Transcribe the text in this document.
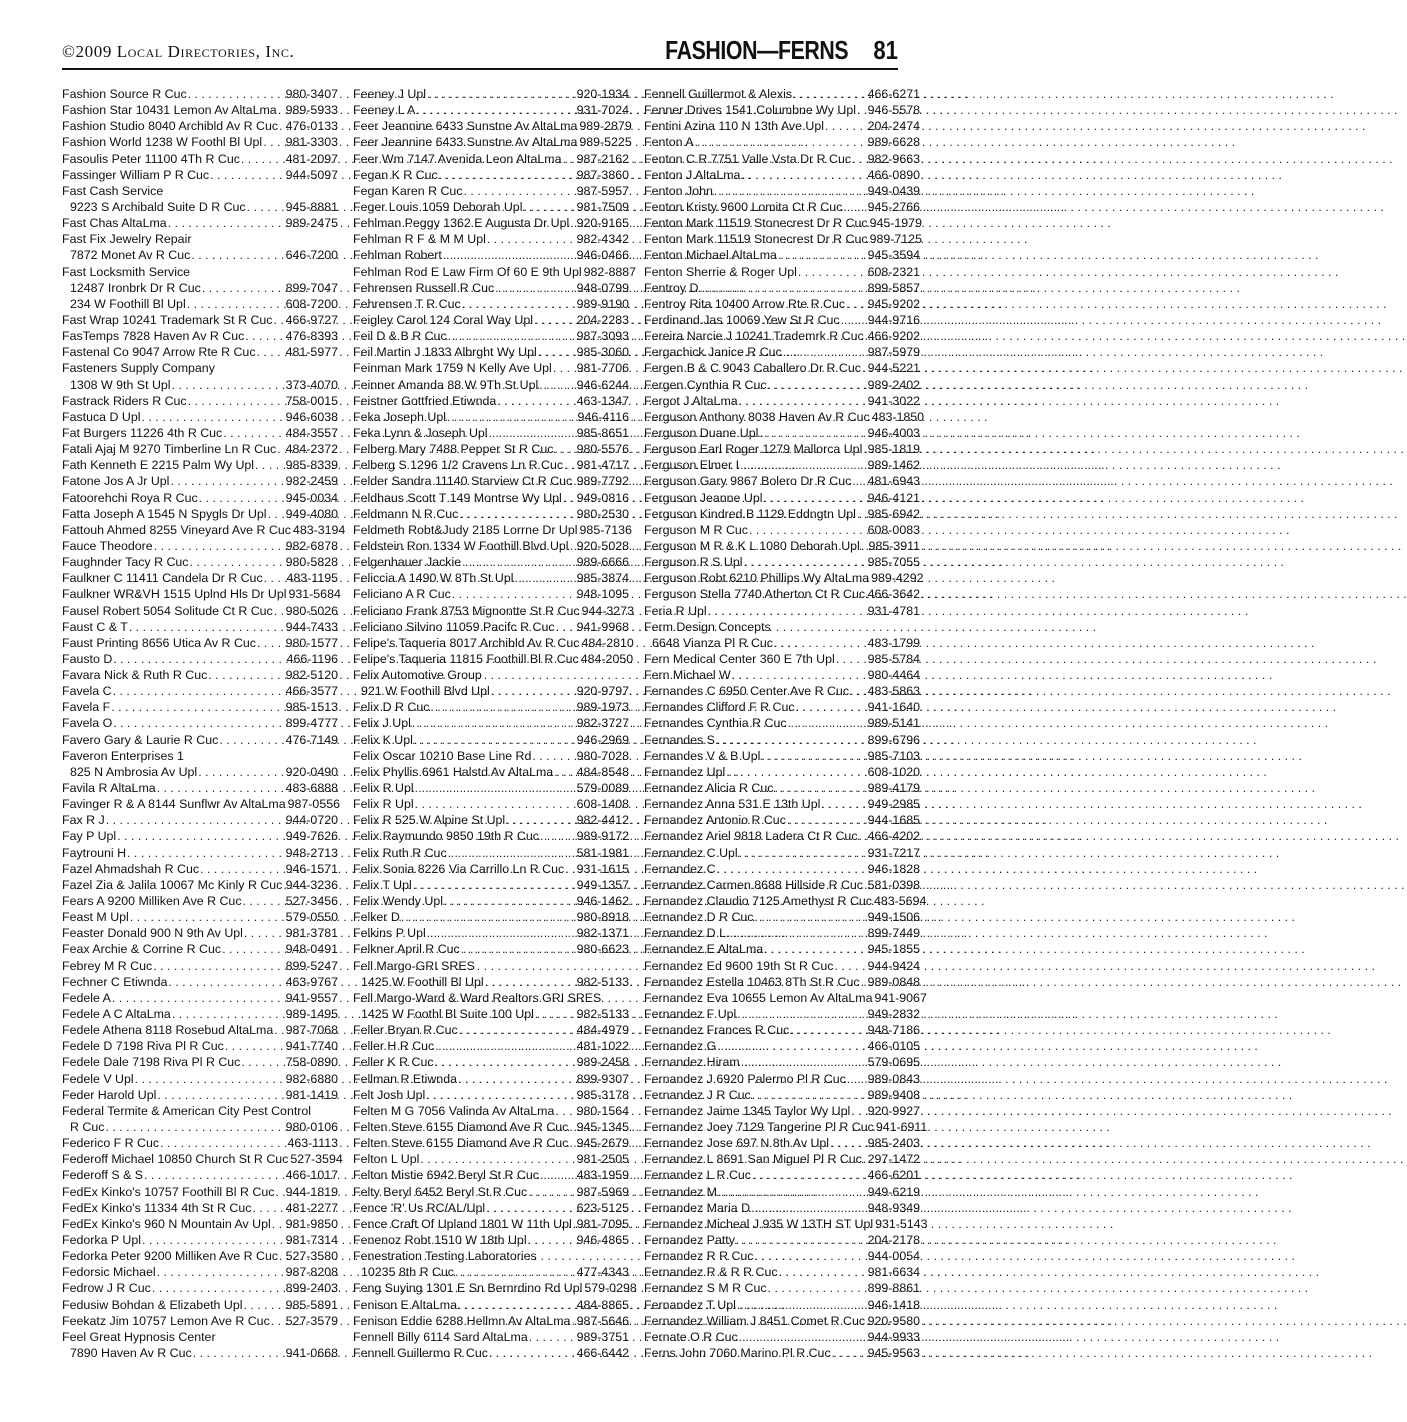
©2009 Local Directories, Inc.	FASHION—FERNS 81
Fashion Source R Cuc . . .	980-3407
Fashion Star 10431 Lemon Av AltaLma . . . 989-5933
Fashion Studio 8040 Archibld Av R Cuc . . . 476-0133
Fashion World 1238 W Foothl Bl Upl . . . 981-3303
Fasoulis Peter 11100 4Th R Cuc . . .	481-2097
Fassinger William P R Cuc . . .	944-5097
Fast Cash Service
9223 S Archibald Suite D R Cuc . . .	945-8881
Fast Chas AltaLma . . .	989-2475
Fast Fix Jewelry Repair
7872 Monet Av R Cuc . . .	646-7200
Fast Locksmith Service
12487 Ironbrk Dr R Cuc . . .	899-7047
234 W Foothill Bl Upl . . .	608-7200
Fast Wrap 10241 Trademark St R Cuc . . . 466-9727
FasTemps 7828 Haven Av R Cuc . . .	476-8393
Fastenal Co 9047 Arrow Rte R Cuc . . . 481-5977
Fasteners Supply Company
1308 W 9th St Upl . . .	373-4070
Fastrack Riders R Cuc . . .	758-0015
Fastuca D Upl . . .	946-6038
Fat Burgers 11226 4th R Cuc . . .	484-3557
Fatali Ajaj M 9270 Timberline Ln R Cuc . . . 484-2372
Fath Kenneth E 2215 Palm Wy Upl . . .	985-8339
Fatone Jos A Jr Upl . . .	982-2459
Fatoorehchi Roya R Cuc . . .	945-0034
Fatta Joseph A 1545 N Spygls Dr Upl . . . 949-4080
Fattouh Ahmed 8255 Vineyard Ave R Cuc . . . 483-3194
Fauce Theodore . . .	982-6878
Faughnder Tacy R Cuc . . .	980-5828
Faulkner C 11411 Candela Dr R Cuc . . . 483-1195
Faulkner WR&VH 1515 Uplnd Hls Dr Upl . . . 931-5684
Fausel Robert 5054 Solitude Ct R Cuc . . . 980-5026
Faust C & T . . .	944-7433
Faust Printing 8656 Utica Av R Cuc . . . 980-1577
Fausto D . . .	466-1196
Favara Nick & Ruth R Cuc . . .	982-5120
Favela C . . .	466-3577
Favela F . . .	985-1513
Favela O . . .	899-4777
Favero Gary & Laurie R Cuc . . .	476-7149
Faveron Enterprises 1
825 N Ambrosia Av Upl . . .	920-0490
Favila R AltaLma . . .	483-6888
Favinger R & A 8144 Sunflwr Av AltaLma . . . 987-0556
Fax R J . . .	944-0720
Fay P Upl . . .	949-7626
Faytrouni H . . .	948-2713
Fazel Ahmadshah R Cuc . . .	946-1571
Fazel Zia & Jalila 10067 Mc Kinly R Cuc . . . 944-3236
Fears A 9200 Milliken Ave R Cuc . . .	527-3456
Feast M Upl . . .	579-0550
Feaster Donald 900 N 9th Av Upl . . .	981-3781
Feax Archie & Corrine R Cuc . . .	948-0491
Febrey M R Cuc . . .	899-5247
Fechner C Etiwnda . . .	463-9767
Fedele A . . .	941-9557
Fedele A C AltaLma . . .	989-1495
Fedele Athena 8118 Rosebud AltaLma . . . 987-7068
Fedele D 7198 Riva Pl R Cuc . . .	941-7740
Fedele Dale 7198 Riva Pl R Cuc . . .	758-0890
Fedele V Upl . . .	982-6880
Feder Harold Upl . . .	981-1419
Federal Termite & American City Pest Control
R Cuc . . .	980-0106
Federico F R Cuc . . .	463-1113
Federoff Michael 10850 Church St R Cuc . . . 527-3594
Federoff S & S . . .	466-1017
FedEx Kinko's 10757 Foothill Bl R Cuc . . . 944-1819
FedEx Kinko's 11334 4th St R Cuc . . .	481-2277
FedEx Kinko's 960 N Mountain Av Upl . . . 981-9850
Fedorka P Upl . . .	981-7314
Fedorka Peter 9200 Milliken Ave R Cuc . . . 527-3580
Fedorsic Michael . . .	987-8208
Fedrow J R Cuc . . .	899-2403
Fedusiw Bohdan & Elizabeth Upl . . .	985-5891
Feekatz Jim 10757 Lemon Ave R Cuc . . . 527-3579
Feel Great Hypnosis Center
7890 Haven Av R Cuc . . .	941-0668
Feeney J Upl . . .	920-1934
Feeney L A . . .	931-7024
Feer Jeannine 6433 Sunstne Av AltaLma . . . 989-2879
Feer Jeannine 6433 Sunstne Av AltaLma . . . 989-5225
Feer Wm 7147 Avenida Leon AltaLma . . . 987-2162
Fegan K R Cuc . . .	987-3860
Fegan Karen R Cuc . . .	987-5957
Feger Louis 1059 Deborah Upl . . .	981-7509
Fehlman Peggy 1362 E Augusta Dr Upl . . . 920-9165
Fehlman R F & M M Upl . . .	982-4342
Fehlman Robert . . .	946-0466
Fehlman Rod E Law Firm Of 60 E 9th Upl . . . 982-8887
Fehrensen Russell R Cuc . . .	948-0799
Fehrensen T R Cuc . . .	989-9190
Feigley Carol 124 Coral Way Upl . . .	204-2283
Feil D & B R Cuc . . .	987-3093
Feil Martin J 1833 Albrght Wy Upl . . .	985-3060
Feinman Mark 1759 N Kelly Ave Upl . . . 981-7706
Feinner Amanda 88 W 9Th St Upl . . .	946-6244
Feistner Gottfried Etiwnda . . .	463-1347
Feka Joseph Upl . . .	946-4116
Feka Lynn & Joseph Upl . . .	985-8651
Felberg Mary 7488 Pepper St R Cuc . . . 980-5576
Felberg S 1296 1/2 Cravens Ln R Cuc . . . 981-4717
Felder Sandra 11140 Starview Ct R Cuc . . . 989-7792
Feldhaus Scott T 149 Montrse Wy Upl . . . 949-0816
Feldmann N R Cuc . . .	980-2530
Feldmeth Robt&Judy 2185 Lorrne Dr Upl . . . 985-7136
Feldstein Ron 1334 W Foothill Blvd Upl . . . 920-5028
Felgenhauer Jackie . . .	989-6666
Feliccia A 1490 W 8Th St Upl . . .	985-3874
Feliciano A R Cuc . . .	948-1095
Feliciano Frank 8753 Mignontte St R Cuc . . . 944-3273
Feliciano Silvino 11059 Pacifc R Cuc . . . 941-9968
Felipe's Taqueria 8017 Archibld Av R Cuc . . . 484-2810
Felipe's Taqueria 11815 Foothill Bl R Cuc . . . 484-2050
Felix Automotive Group
921 W Foothill Blvd Upl . . .	920-9797
Felix D R Cuc . . .	989-1973
Felix J Upl . . .	982-3727
Felix K Upl . . .	946-2969
Felix Oscar 10210 Base Line Rd . . .	980-7028
Felix Phyllis 6961 Halstd Av AltaLma . . . 484-8548
Felix R Upl . . .	579-0089
Felix R Upl . . .	608-1408
Felix R 525 W Alpine St Upl . . .	982-4412
Felix Raymundo 9850 19th R Cuc . . .	989-9172
Felix Ruth R Cuc . . .	581-1981
Felix Sonia 8226 Via Carrillo Ln R Cuc . . . 931-1615
Felix T Upl . . .	949-1357
Felix Wendy Upl . . .	946-1462
Felker D . . .	980-8918
Felkins P Upl . . .	982-1371
Felkner April R Cuc . . .	980-6623
Fell Margo-GRI SRES
1425 W Foothill Bl Upl . . .	982-5133
Fell Margo-Ward & Ward Realtors GRI SRES
1425 W Foothl Bl Suite 100 Upl . . .	982-5133
Feller Bryan R Cuc . . .	484-4979
Feller H R Cuc . . .	481-1022
Feller K R Cuc . . .	989-2458
Fellman R Etiwnda . . .	899-9307
Felt Josh Upl . . .	985-3178
Felten M G 7056 Valinda Av AltaLma . . . 980-1564
Felten Steve 6155 Diamond Ave R Cuc . . . 945-1345
Felten Steve 6155 Diamond Ave R Cuc . . . 945-2679
Felton L Upl . . .	981-2505
Felton Mistie 6942 Beryl St R Cuc . . .	483-1959
Felty Beryl 6452 Beryl St R Cuc . . .	987-5969
Fence 'R' Us RC/AL/Upl . . .	623-5125
Fence Craft Of Upland 1801 W 11th Upl . . . 981-7095
Fenenoz Robt 1510 W 18th Upl . . .	946-4865
Fenestration Testing Laboratories
10235 8th R Cuc . . .	477-4343
Feng Suying 1301 E Sn Bernrdino Rd Upl . . . 579-0298
Fenison E AltaLma . . .	484-8865
Fenison Eddie 6288 Hellmn Av AltaLma . . . 987-5646
Fennell Billy 6114 Sard AltaLma . . .	989-3751
Fennell Guillermo R Cuc . . .	466-6442
Fennell Guillermot & Alexis . . .	466-6271
Fenner Drives 1541 Columbne Wy Upl . . . 946-5578
Fentini Azina 110 N 13th Ave Upl . . .	204-2474
Fenton A . . .	989-6628
Fenton C R 7751 Valle Vsta Dr R Cuc . . . 982-9663
Fenton J AltaLma . . .	466-0890
Fenton John . . .	949-0439
Fenton Kristy 9600 Lomita Ct R Cuc . . . 945-2766
Fenton Mark 11519 Stonecrest Dr R Cuc . . . 945-1979
Fenton Mark 11519 Stonecrest Dr R Cuc . . . 989-7125
Fenton Michael AltaLma . . .	945-3594
Fenton Sherrie & Roger Upl . . .	608-2321
Fentroy D . . .	899-5857
Fentroy Rita 10400 Arrow Rte R Cuc . . . 945-9202
Ferdinand Jas 10069 Yew St R Cuc . . . 944-9716
Fereira Narcie J 10241 Trademrk R Cuc . . . 466-9202
Fergachick Janice R Cuc . . .	987-5979
Fergen B & C 9043 Caballero Dr R Cuc . . . 944-5221
Fergen Cynthia R Cuc . . .	989-2402
Fergot J AltaLma . . .	941-3022
Ferguson Anthony 8038 Haven Av R Cuc . . . 483-1850
Ferguson Duane Upl . . .	946-4003
Ferguson Earl Roger 1279 Mallorca Upl . . . 985-1819
Ferguson Elmer I . . .	989-1462
Ferguson Gary 9867 Bolero Dr R Cuc . . . 481-6943
Ferguson Jeanne Upl . . .	946-4121
Ferguson Kindred B 1129 Eddngtn Upl . . . 985-6942
Ferguson M R Cuc . . .	608-0083
Ferguson M R & K L 1080 Deborah Upl . . . 985-3911
Ferguson R S Upl . . .	985-7055
Ferguson Robt 6210 Phillips Wy AltaLma . . . 989-4292
Ferguson Stella 7740 Atherton Ct R Cuc . . . 466-3642
Feria R Upl . . .	931-4781
Ferm Design Concepts
6648 Vianza Pl R Cuc . . .	483-1799
Fern Medical Center 360 E 7th Upl . . .	985-5784
Fern Michael W . . .	980-4464
Fernandes C 6950 Center Ave R Cuc . . . 483-5863
Fernandes Clifford F R Cuc . . .	941-1640
Fernandes Cynthia R Cuc . . .	989-5141
Fernandes S . . .	899-6796
Fernandes V & B Upl . . .	985-7103
Fernandez Upl . . .	608-1020
Fernandez Alicia R Cuc . . .	989-4179
Fernandez Anna 531 E 13th Upl . . .	949-2985
Fernandez Antonio R Cuc . . .	944-1685
Fernandez Ariel 9818 Ladera Ct R Cuc . . . 466-4202
Fernandez C Upl . . .	931-7217
Fernandez C . . .	946-1828
Fernandez Carmen 8688 Hillside R Cuc . . . 581-0398
Fernandez Claudio 7125 Amethyst R Cuc . . . 483-5694
Fernandez D R Cuc . . .	949-1506
Fernandez D L . . .	899-7449
Fernandez E AltaLma . . .	945-1855
Fernandez Ed 9600 19th St R Cuc . . .	944-9424
Fernandez Estella 10463 8Th St R Cuc . . . 989-0848
Fernandez Eva 10655 Lemon Av AltaLma . . . 941-9067
Fernandez F Upl . . .	949-2832
Fernandez Frances R Cuc . . .	948-7186
Fernandez G . . .	466-0105
Fernandez Hiram . . .	579-0695
Fernandez J 6920 Palermo Pl R Cuc . . . 989-0843
Fernandez J R Cuc . . .	989-9408
Fernandez Jaime 1345 Taylor Wy Upl . . . 920-9927
Fernandez Joey 7129 Tangerine Pl R Cuc . . . 941-6911
Fernandez Jose 697 N 8th Av Upl . . .	985-2403
Fernandez L 8691 San Miguel Pl R Cuc . . . 297-1472
Fernandez L R Cuc . . .	466-6201
Fernandez M . . .	949-6219
Fernandez Maria D . . .	948-9349
Fernandez Micheal J 935 W 13TH ST Upl . . . 931-5143
Fernandez Patty . . .	204-2178
Fernandez R R Cuc . . .	944-0054
Fernandez R & R R Cuc . . .	981-6634
Fernandez S M R Cuc . . .	899-8861
Fernandez T Upl . . .	946-1418
Fernandez William J 8451 Comet R Cuc . . . 920-9580
Fernate O R Cuc . . .	944-9933
Ferns John 7060 Marino Pl R Cuc . . .	945-9563
